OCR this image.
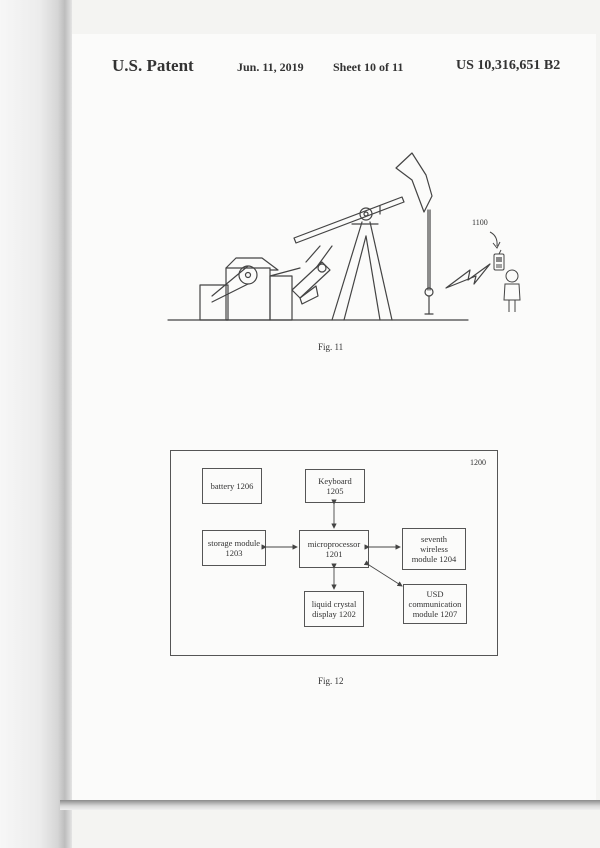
U.S. Patent	Jun. 11, 2019 Sheet 10 of 11	US 10,316,651 B2
1100
Fig. 11
1200
battery 1206	Keyboard
1205
storage module
1203
microprocessor
1201
seventh
wireless
module 1204
liquid crystal
display 1202
USD
communication
module 1207
Fig. 12
